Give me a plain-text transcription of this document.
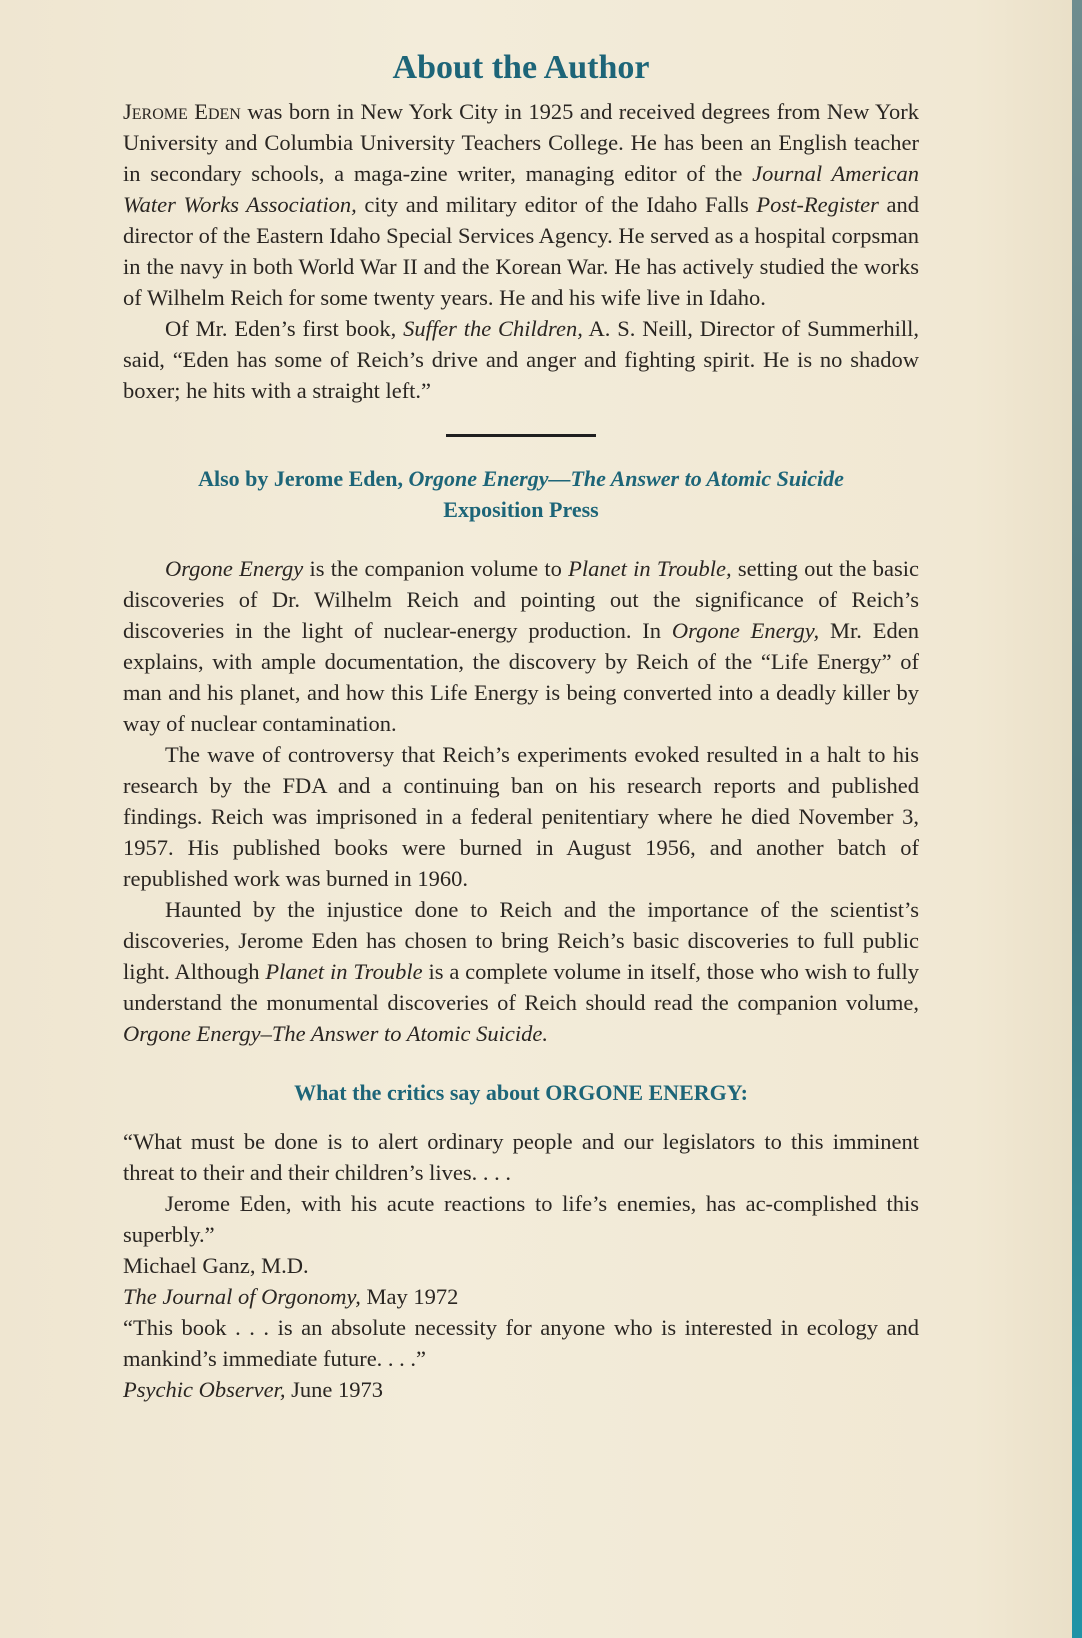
About the Author

Jerome Eden was born in New York City in 1925 and received degrees from New York University and Columbia University Teachers College. He has been an English teacher in secondary schools, a maga-zine writer, managing editor of the Journal American Water Works Association, city and military editor of the Idaho Falls Post-Register and director of the Eastern Idaho Special Services Agency. He served as a hospital corpsman in the navy in both World War II and the Korean War. He has actively studied the works of Wilhelm Reich for some twenty years. He and his wife live in Idaho.

Of Mr. Eden’s first book, Suffer the Children, A. S. Neill, Director of Summerhill, said, “Eden has some of Reich’s drive and anger and fighting spirit. He is no shadow boxer; he hits with a straight left.”

Also by Jerome Eden, Orgone Energy—The Answer to Atomic Suicide
Exposition Press

Orgone Energy is the companion volume to Planet in Trouble, setting out the basic discoveries of Dr. Wilhelm Reich and pointing out the significance of Reich’s discoveries in the light of nuclear-energy production. In Orgone Energy, Mr. Eden explains, with ample documentation, the discovery by Reich of the “Life Energy” of man and his planet, and how this Life Energy is being converted into a deadly killer by way of nuclear contamination.

The wave of controversy that Reich’s experiments evoked resulted in a halt to his research by the FDA and a continuing ban on his research reports and published findings. Reich was imprisoned in a federal penitentiary where he died November 3, 1957. His published books were burned in August 1956, and another batch of republished work was burned in 1960.

Haunted by the injustice done to Reich and the importance of the scientist’s discoveries, Jerome Eden has chosen to bring Reich’s basic discoveries to full public light. Although Planet in Trouble is a complete volume in itself, those who wish to fully understand the monumental discoveries of Reich should read the companion volume, Orgone Energy–The Answer to Atomic Suicide.

What the critics say about ORGONE ENERGY:

“What must be done is to alert ordinary people and our legislators to this imminent threat to their and their children’s lives. . . .

Jerome Eden, with his acute reactions to life’s enemies, has ac-complished this superbly.”

Michael Ganz, M.D.

The Journal of Orgonomy, May 1972

“This book . . . is an absolute necessity for anyone who is interested in ecology and mankind’s immediate future. . . .”

Psychic Observer, June 1973
